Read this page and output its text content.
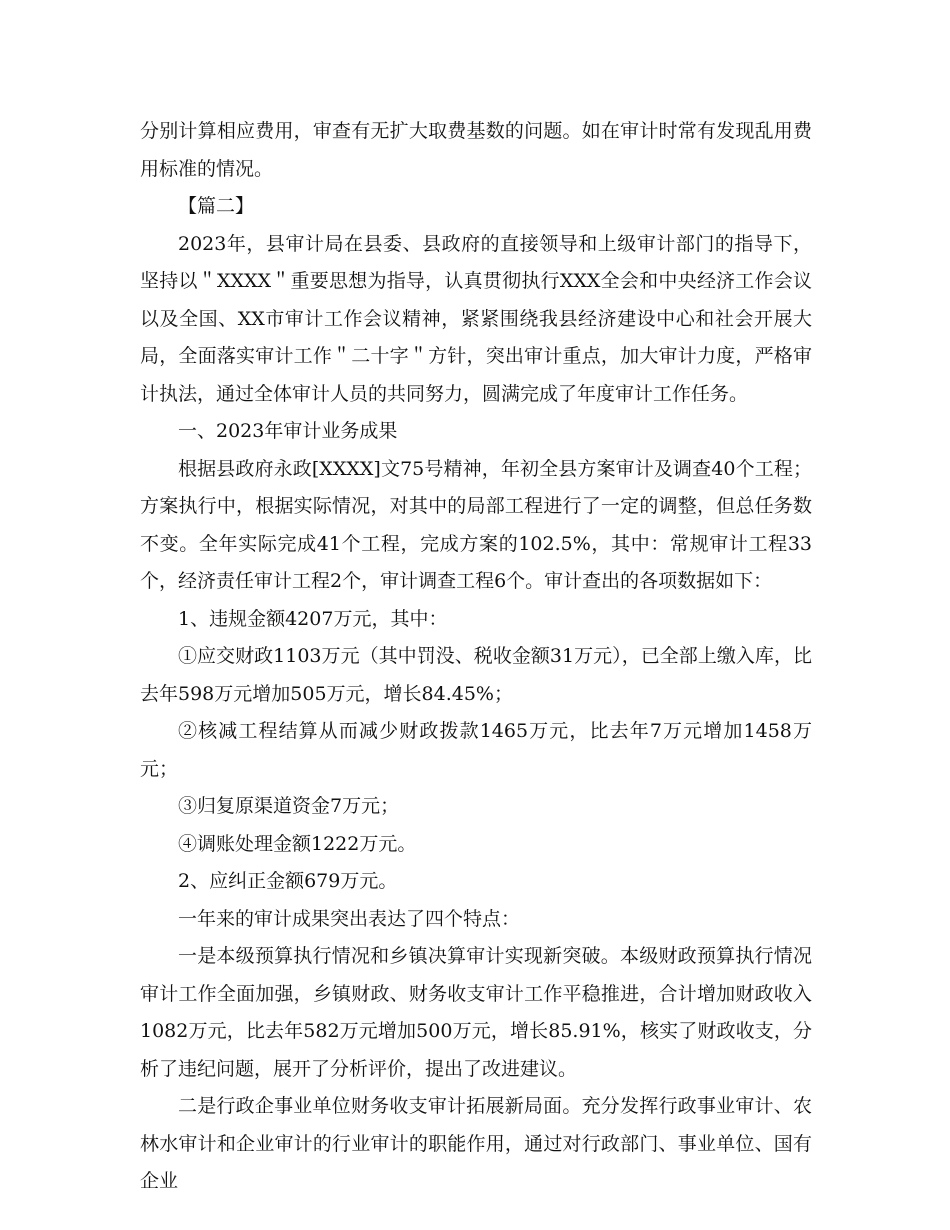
分别计算相应费用，审查有无扩大取费基数的问题。如在审计时常有发现乱用费用标准的情况。

【篇二】

2023年，县审计局在县委、县政府的直接领导和上级审计部门的指导下，坚持以＂XXXX＂重要思想为指导，认真贯彻执行XXX全会和中央经济工作会议以及全国、XX市审计工作会议精神，紧紧围绕我县经济建设中心和社会开展大局，全面落实审计工作＂二十字＂方针，突出审计重点，加大审计力度，严格审计执法，通过全体审计人员的共同努力，圆满完成了年度审计工作任务。

一、2023年审计业务成果

根据县政府永政[XXXX]文75号精神，年初全县方案审计及调查40个工程；方案执行中，根据实际情况，对其中的局部工程进行了一定的调整，但总任务数不变。全年实际完成41个工程，完成方案的102.5%，其中：常规审计工程33个，经济责任审计工程2个，审计调查工程6个。审计查出的各项数据如下：

1、违规金额4207万元，其中：

①应交财政1103万元（其中罚没、税收金额31万元），已全部上缴入库，比去年598万元增加505万元，增长84.45%；

②核减工程结算从而减少财政拨款1465万元，比去年7万元增加1458万元；

③归复原渠道资金7万元；

④调账处理金额1222万元。

2、应纠正金额679万元。

一年来的审计成果突出表达了四个特点：

一是本级预算执行情况和乡镇决算审计实现新突破。本级财政预算执行情况审计工作全面加强，乡镇财政、财务收支审计工作平稳推进，合计增加财政收入1082万元，比去年582万元增加500万元，增长85.91%，核实了财政收支，分析了违纪问题，展开了分析评价，提出了改进建议。

二是行政企事业单位财务收支审计拓展新局面。充分发挥行政事业审计、农林水审计和企业审计的行业审计的职能作用，通过对行政部门、事业单位、国有企业
